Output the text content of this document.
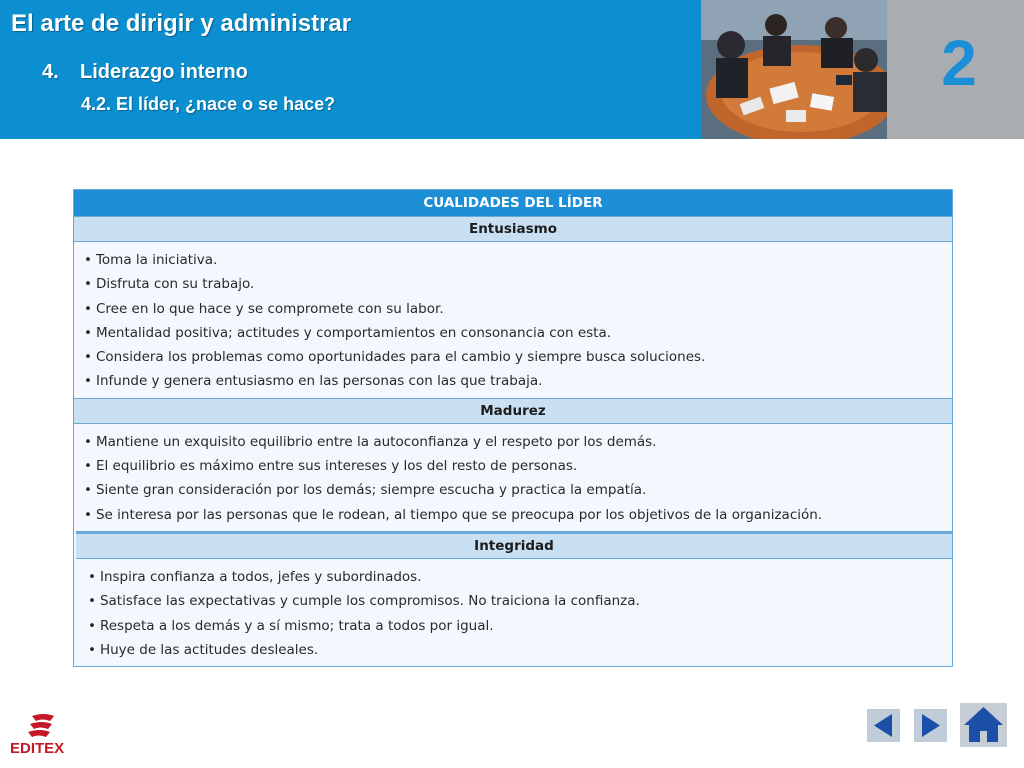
El arte de dirigir y administrar
4. Liderazgo interno
4.2. El líder, ¿nace o se hace?
2
CUALIDADES DEL LÍDER
Entusiasmo
• Toma la iniciativa.
• Disfruta con su trabajo.
• Cree en lo que hace y se compromete con su labor.
• Mentalidad positiva; actitudes y comportamientos en consonancia con esta.
• Considera los problemas como oportunidades para el cambio y siempre busca soluciones.
• Infunde y genera entusiasmo en las personas con las que trabaja.
Madurez
• Mantiene un exquisito equilibrio entre la autoconfianza y el respeto por los demás.
• El equilibrio es máximo entre sus intereses y los del resto de personas.
• Siente gran consideración por los demás; siempre escucha y practica la empatía.
• Se interesa por las personas que le rodean, al tiempo que se preocupa por los objetivos de la organización.
Integridad
• Inspira confianza a todos, jefes y subordinados.
• Satisface las expectativas y cumple los compromisos. No traiciona la confianza.
• Respeta a los demás y a sí mismo; trata a todos por igual.
• Huye de las actitudes desleales.
EDITEX
